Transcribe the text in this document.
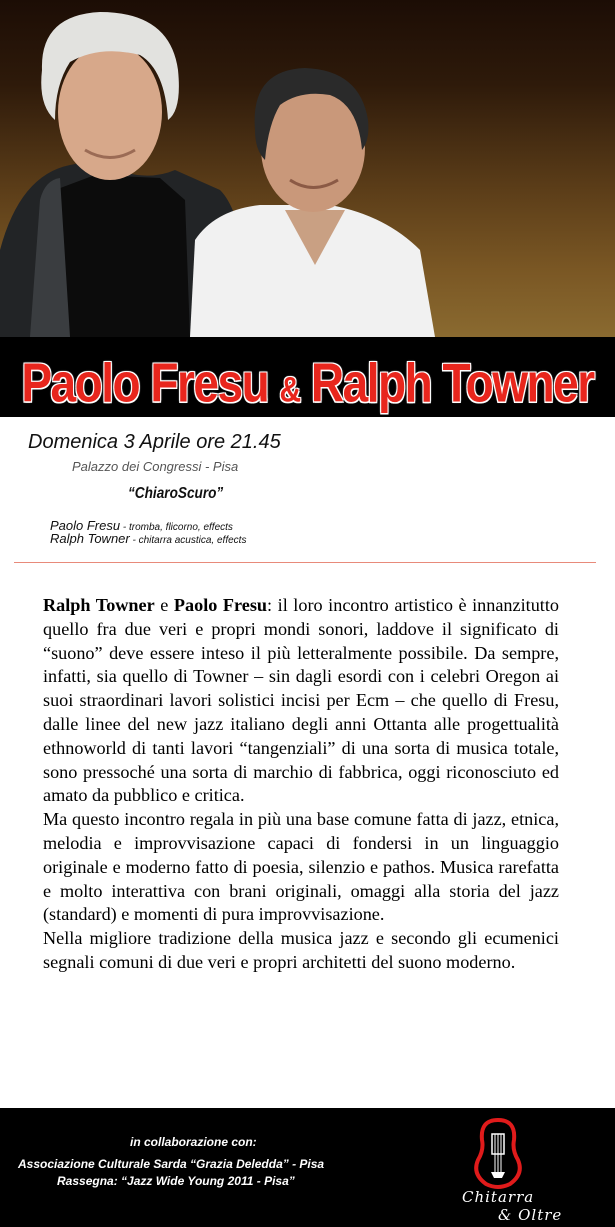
Paolo Fresu & Ralph Towner
Domenica 3 Aprile ore 21.45
Palazzo dei Congressi - Pisa
“ChiaroScuro”
Paolo Fresu - tromba, flicorno, effects
Ralph Towner - chitarra acustica, effects

Ralph Towner e Paolo Fresu: il loro incontro artistico è innanzitutto quello fra due veri e propri mondi sonori, laddove il significato di “suono” deve essere inteso il più letteralmente possibile. Da sempre, infatti, sia quello di Towner – sin dagli esordi con i celebri Oregon ai suoi straordinari lavori solistici incisi per Ecm – che quello di Fresu, dalle linee del new jazz italiano degli anni Ottanta alle progettualità ethnoworld di tanti lavori “tangenziali” di una sorta di musica totale, sono pressoché una sorta di marchio di fabbrica, oggi riconosciuto ed amato da pubblico e critica.

Ma questo incontro regala in più una base comune fatta di jazz, etnica, melodia e improvvisazione capaci di fondersi in un linguaggio originale e moderno fatto di poesia, silenzio e pathos. Musica rarefatta e molto interattiva con brani originali, omaggi alla storia del jazz (standard) e momenti di pura improvvisazione.

Nella migliore tradizione della musica jazz e secondo gli ecumenici segnali comuni di due veri e propri architetti del suono moderno.

in collaborazione con:
Associazione Culturale Sarda “Grazia Deledda” - Pisa
Rassegna: “Jazz Wide Young 2011 - Pisa”
Chitarra
& Oltre
